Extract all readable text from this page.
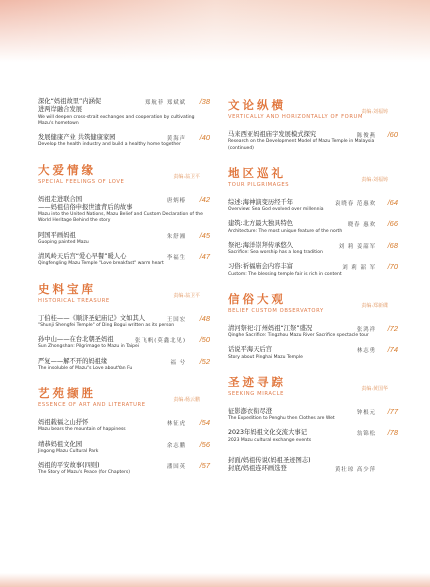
深化“妈祖故里”内涵促
进两岸融合发展
We will deepen cross-strait exchanges and cooperation by cultivating Mazu's hometown
郑航菲 郑斌斌 /38
发展健康产业 共筑健康家园
Develop the health industry and build a healthy home together
黄海声 /40
大爱情缘
SPECIAL FEELINGS OF LOVE
责编:翁卫平
妈祖走进联合国
——妈祖信俗申报世遗背后的故事
Mazu into the United Nations, Mazu Belief and Custom Declaration of the World Heritage Behind the story
唐炳椿 /42
阿国平画妈祖
Guoping painted Mazu
朱舒湘 /45
清风岭天后宫“爱心早餐”暖人心
Qingfengling Mazu Temple "Love breakfast" warm heart
李福生 /47
史料宝库
HISTORICAL TREASURE
责编:翁卫平
丁伯桂——《顺济圣妃庙记》文如其人
"Shunji Shengfei Temple" of Ding Bogui written as its person
王国宏 /48
孙中山——在台北朝圣妈祖
Sun Zhongshan: Pilgrimage to Mazu in Taipei
张飞帆(莫鑫北见) /50
严复——解不开的妈祖缘
The insoluble of Mazu"s Love aboutYan Fu
福 兮 /52
艺苑撷胜
ESSENCE OF ART AND LITERATURE
责编:杨云鹏
妈祖载福之山抒怀
Mazu bears the mountain of happiness
林征虎 /54
靖恭妈祖文化园
Jingong Mazu Cultural Park
余志鹏 /56
妈祖的平安故事(四则)
The Story of Mazu's Peace (for Chapters)
潘国英 /57
文论纵横
VERTICALLY AND HORIZONTALLY OF FORUM
责编:刘福铸
马来西亚妈祖庙宇发展模式探究
Research on the Development Model of Mazu Temple in Malaysia (continued)
陈俊燕 /60
地区巡礼
TOUR PILGRIMAGES
责编:刘福铸
综述:海神演变历经千年
Overview: Sea God evolved over millennia
袁晓春 范惠欢 /64
建筑:北方最大独具特色
Architecture: The most unique feature of the north
晓春 惠欢 /66
祭祀:海洋崇拜传承悠久
Sacrifice: Sea worship has a long tradition
刘 莉 姜韶军 /68
习俗:祈福庙会内容丰富
Custom: The blessing temple fair is rich in content
刘 莉 韶 军 /70
信俗大观
BELIEF CUSTOM OBSERVATORY
责编:郑新碟
清河祭祀:汀州妈祖“江祭”盛况
Qinghe Sacrifice: Tingzhou Mazu River Sacrifice spectacle tour
张鸿祥 /72
话说平海天后宫
Story about Pinghai Mazu Temple
林志勇 /74
圣迹寻踪
SEEKING MIRACLE
责编:黄国华
征影澎衣衔尽澄
The Expedition to Penghu then Clothes are Wet
钟根元 /77
2023年妈祖文化交流大事记
2023 Mazu cultural exchange events
翁锦松 /78
封面/妈祖传说(妈祖圣迹图志)
封底/妈祖连环画选登	黄壮琼 高少萍
